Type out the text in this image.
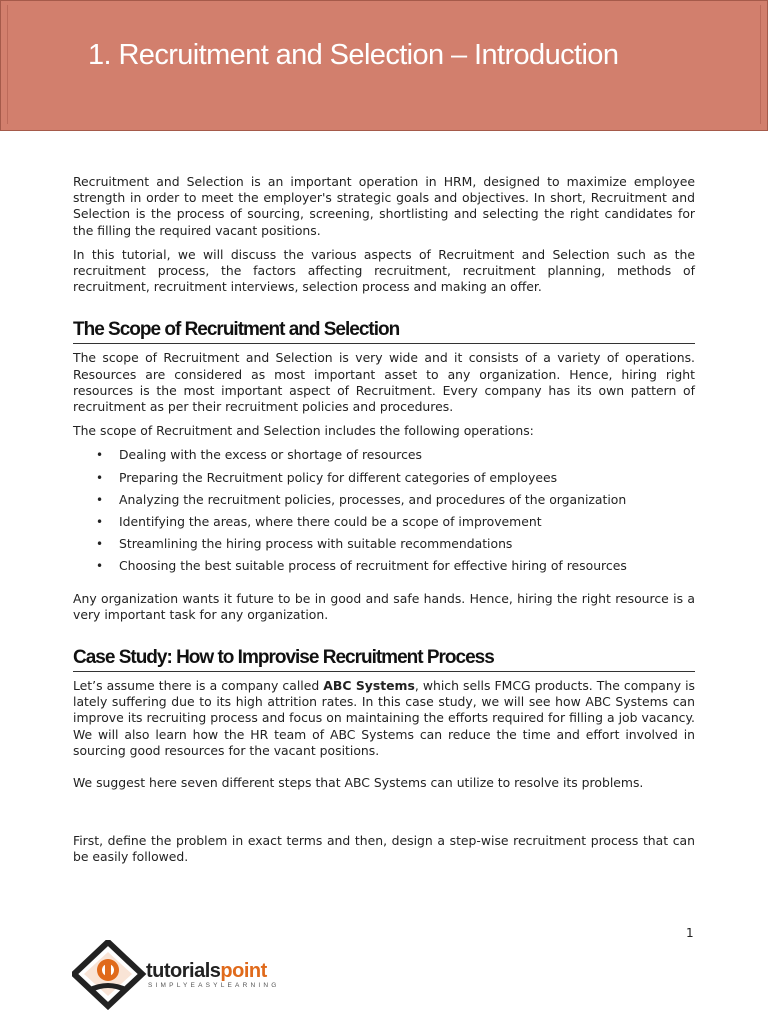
1. Recruitment and Selection – Introduction

Recruitment and Selection is an important operation in HRM, designed to maximize employee strength in order to meet the employer's strategic goals and objectives. In short, Recruitment and Selection is the process of sourcing, screening, shortlisting and selecting the right candidates for the filling the required vacant positions.

In this tutorial, we will discuss the various aspects of Recruitment and Selection such as the recruitment process, the factors affecting recruitment, recruitment planning, methods of recruitment, recruitment interviews, selection process and making an offer.

The Scope of Recruitment and Selection

The scope of Recruitment and Selection is very wide and it consists of a variety of operations. Resources are considered as most important asset to any organization. Hence, hiring right resources is the most important aspect of Recruitment. Every company has its own pattern of recruitment as per their recruitment policies and procedures.

The scope of Recruitment and Selection includes the following operations:

• Dealing with the excess or shortage of resources
• Preparing the Recruitment policy for different categories of employees
• Analyzing the recruitment policies, processes, and procedures of the organization
• Identifying the areas, where there could be a scope of improvement
• Streamlining the hiring process with suitable recommendations
• Choosing the best suitable process of recruitment for effective hiring of resources

Any organization wants it future to be in good and safe hands. Hence, hiring the right resource is a very important task for any organization.

Case Study: How to Improvise Recruitment Process

Let’s assume there is a company called ABC Systems, which sells FMCG products. The company is lately suffering due to its high attrition rates. In this case study, we will see how ABC Systems can improve its recruiting process and focus on maintaining the efforts required for filling a job vacancy. We will also learn how the HR team of ABC Systems can reduce the time and effort involved in sourcing good resources for the vacant positions.

We suggest here seven different steps that ABC Systems can utilize to resolve its problems.

First, define the problem in exact terms and then, design a step-wise recruitment process that can be easily followed.

1
tutorialspoint
SIMPLYEASYLEARNING
